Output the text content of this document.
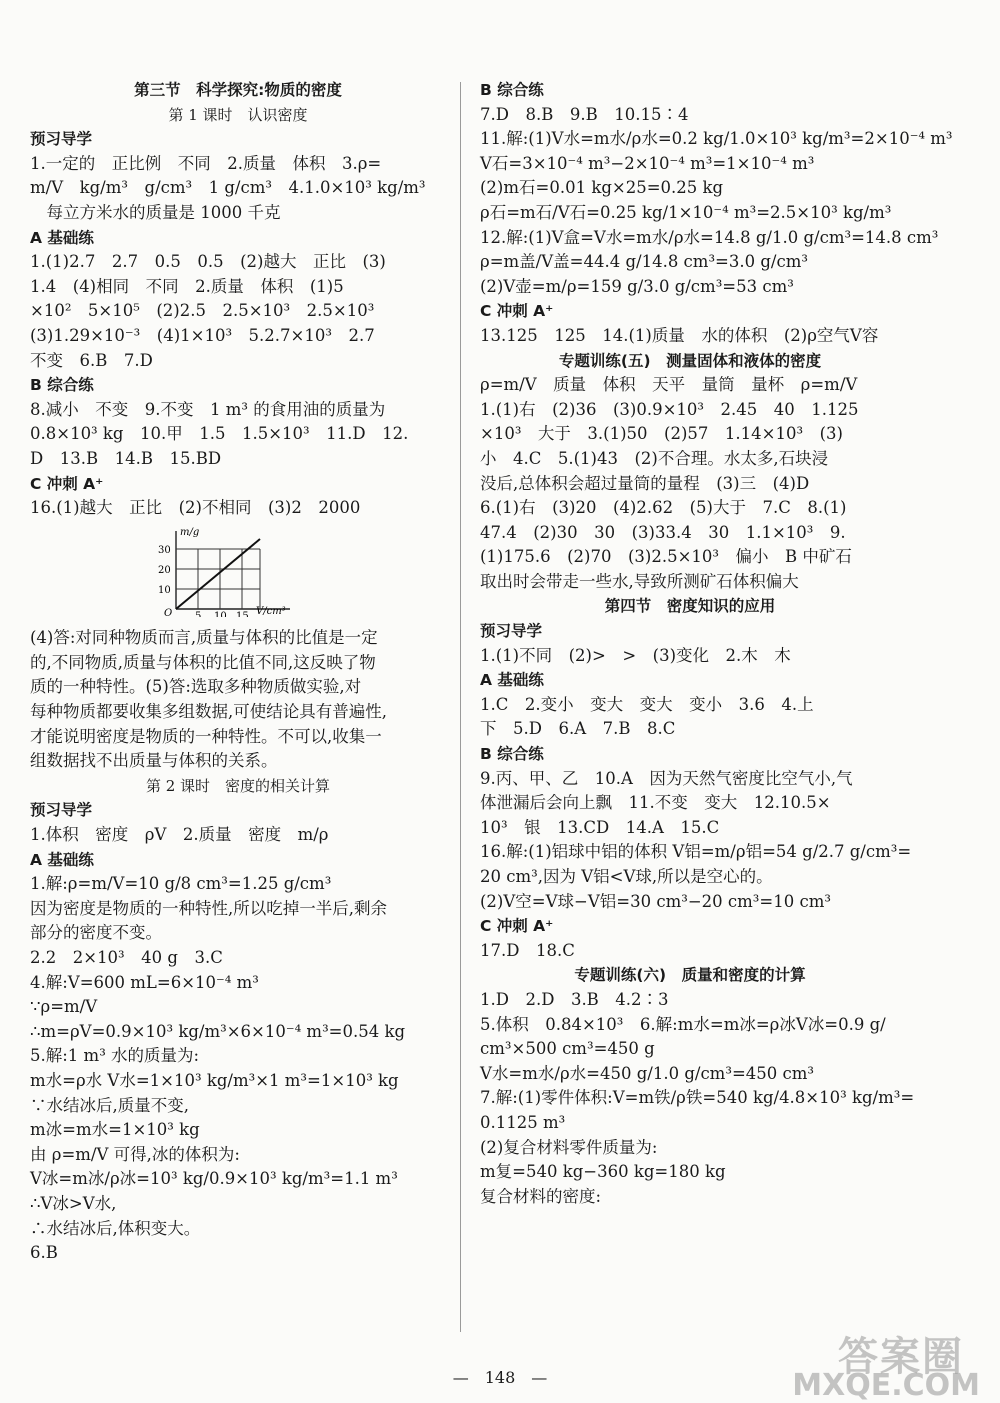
第三节　科学探究:物质的密度
第 1 课时　认识密度
预习导学
1.一定的　正比例　不同　2.质量　体积　3.ρ=
m/V　kg/m³　g/cm³　1 g/cm³　4.1.0×10³ kg/m³
　每立方米水的质量是 1000 千克
A 基础练
1.(1)2.7　2.7　0.5　0.5　(2)越大　正比　(3)
1.4　(4)相同　不同　2.质量　体积　(1)5
×10²　5×10⁵　(2)2.5　2.5×10³　2.5×10³
(3)1.29×10⁻³　(4)1×10³　5.2.7×10³　2.7
不变　6.B　7.D
B 综合练
8.减小　不变　9.不变　1 m³ 的食用油的质量为
0.8×10³ kg　10.甲　1.5　1.5×10³　11.D　12.
D　13.B　14.B　15.BD
C 冲刺 A⁺
16.(1)越大　正比　(2)不相同　(3)2　2000
m/g
V/cm³
O
30
20
10
5 10 15
(4)答:对同种物质而言,质量与体积的比值是一定
的,不同物质,质量与体积的比值不同,这反映了物
质的一种特性。(5)答:选取多种物质做实验,对
每种物质都要收集多组数据,可使结论具有普遍性,
才能说明密度是物质的一种特性。不可以,收集一
组数据找不出质量与体积的关系。
第 2 课时　密度的相关计算
预习导学
1.体积　密度　ρV　2.质量　密度　m/ρ
A 基础练
1.解:ρ=m/V=10 g/8 cm³=1.25 g/cm³
因为密度是物质的一种特性,所以吃掉一半后,剩余
部分的密度不变。
2.2　2×10³　40 g　3.C
4.解:V=600 mL=6×10⁻⁴ m³
∵ρ=m/V
∴m=ρV=0.9×10³ kg/m³×6×10⁻⁴ m³=0.54 kg
5.解:1 m³ 水的质量为:
m水=ρ水 V水=1×10³ kg/m³×1 m³=1×10³ kg
∵水结冰后,质量不变,
m冰=m水=1×10³ kg
由 ρ=m/V 可得,冰的体积为:
V冰=m冰/ρ冰=10³ kg/0.9×10³ kg/m³=1.1 m³
∴V冰>V水,
∴水结冰后,体积变大。
6.B
B 综合练
7.D　8.B　9.B　10.15∶4
11.解:(1)V水=m水/ρ水=0.2 kg/1.0×10³ kg/m³=2×10⁻⁴ m³
V石=3×10⁻⁴ m³−2×10⁻⁴ m³=1×10⁻⁴ m³
(2)m石=0.01 kg×25=0.25 kg
ρ石=m石/V石=0.25 kg/1×10⁻⁴ m³=2.5×10³ kg/m³
12.解:(1)V盒=V水=m水/ρ水=14.8 g/1.0 g/cm³=14.8 cm³
ρ=m盖/V盖=44.4 g/14.8 cm³=3.0 g/cm³
(2)V壶=m/ρ=159 g/3.0 g/cm³=53 cm³
C 冲刺 A⁺
13.125　125　14.(1)质量　水的体积　(2)ρ空气V容
专题训练(五)　测量固体和液体的密度
ρ=m/V　质量　体积　天平　量筒　量杯　ρ=m/V
1.(1)右　(2)36　(3)0.9×10³　2.45　40　1.125
×10³　大于　3.(1)50　(2)57　1.14×10³　(3)
小　4.C　5.(1)43　(2)不合理。水太多,石块浸
没后,总体积会超过量筒的量程　(3)三　(4)D
6.(1)右　(3)20　(4)2.62　(5)大于　7.C　8.(1)
47.4　(2)30　30　(3)33.4　30　1.1×10³　9.
(1)175.6　(2)70　(3)2.5×10³　偏小　B 中矿石
取出时会带走一些水,导致所测矿石体积偏大
第四节　密度知识的应用
预习导学
1.(1)不同　(2)>　>　(3)变化　2.木　木
A 基础练
1.C　2.变小　变大　变大　变小　3.6　4.上
下　5.D　6.A　7.B　8.C
B 综合练
9.丙、甲、乙　10.A　因为天然气密度比空气小,气
体泄漏后会向上飘　11.不变　变大　12.10.5×
10³　银　13.CD　14.A　15.C
16.解:(1)铝球中铝的体积 V铝=m/ρ铝=54 g/2.7 g/cm³=
20 cm³,因为 V铝<V球,所以是空心的。
(2)V空=V球−V铝=30 cm³−20 cm³=10 cm³
C 冲刺 A⁺
17.D　18.C
专题训练(六)　质量和密度的计算
1.D　2.D　3.B　4.2∶3
5.体积　0.84×10³　6.解:m水=m冰=ρ冰V冰=0.9 g/
cm³×500 cm³=450 g
V水=m水/ρ水=450 g/1.0 g/cm³=450 cm³
7.解:(1)零件体积:V=m铁/ρ铁=540 kg/4.8×10³ kg/m³=
0.1125 m³
(2)复合材料零件质量为:
m复=540 kg−360 kg=180 kg
复合材料的密度:
—　148　—	答案圈
MXQE.COM
